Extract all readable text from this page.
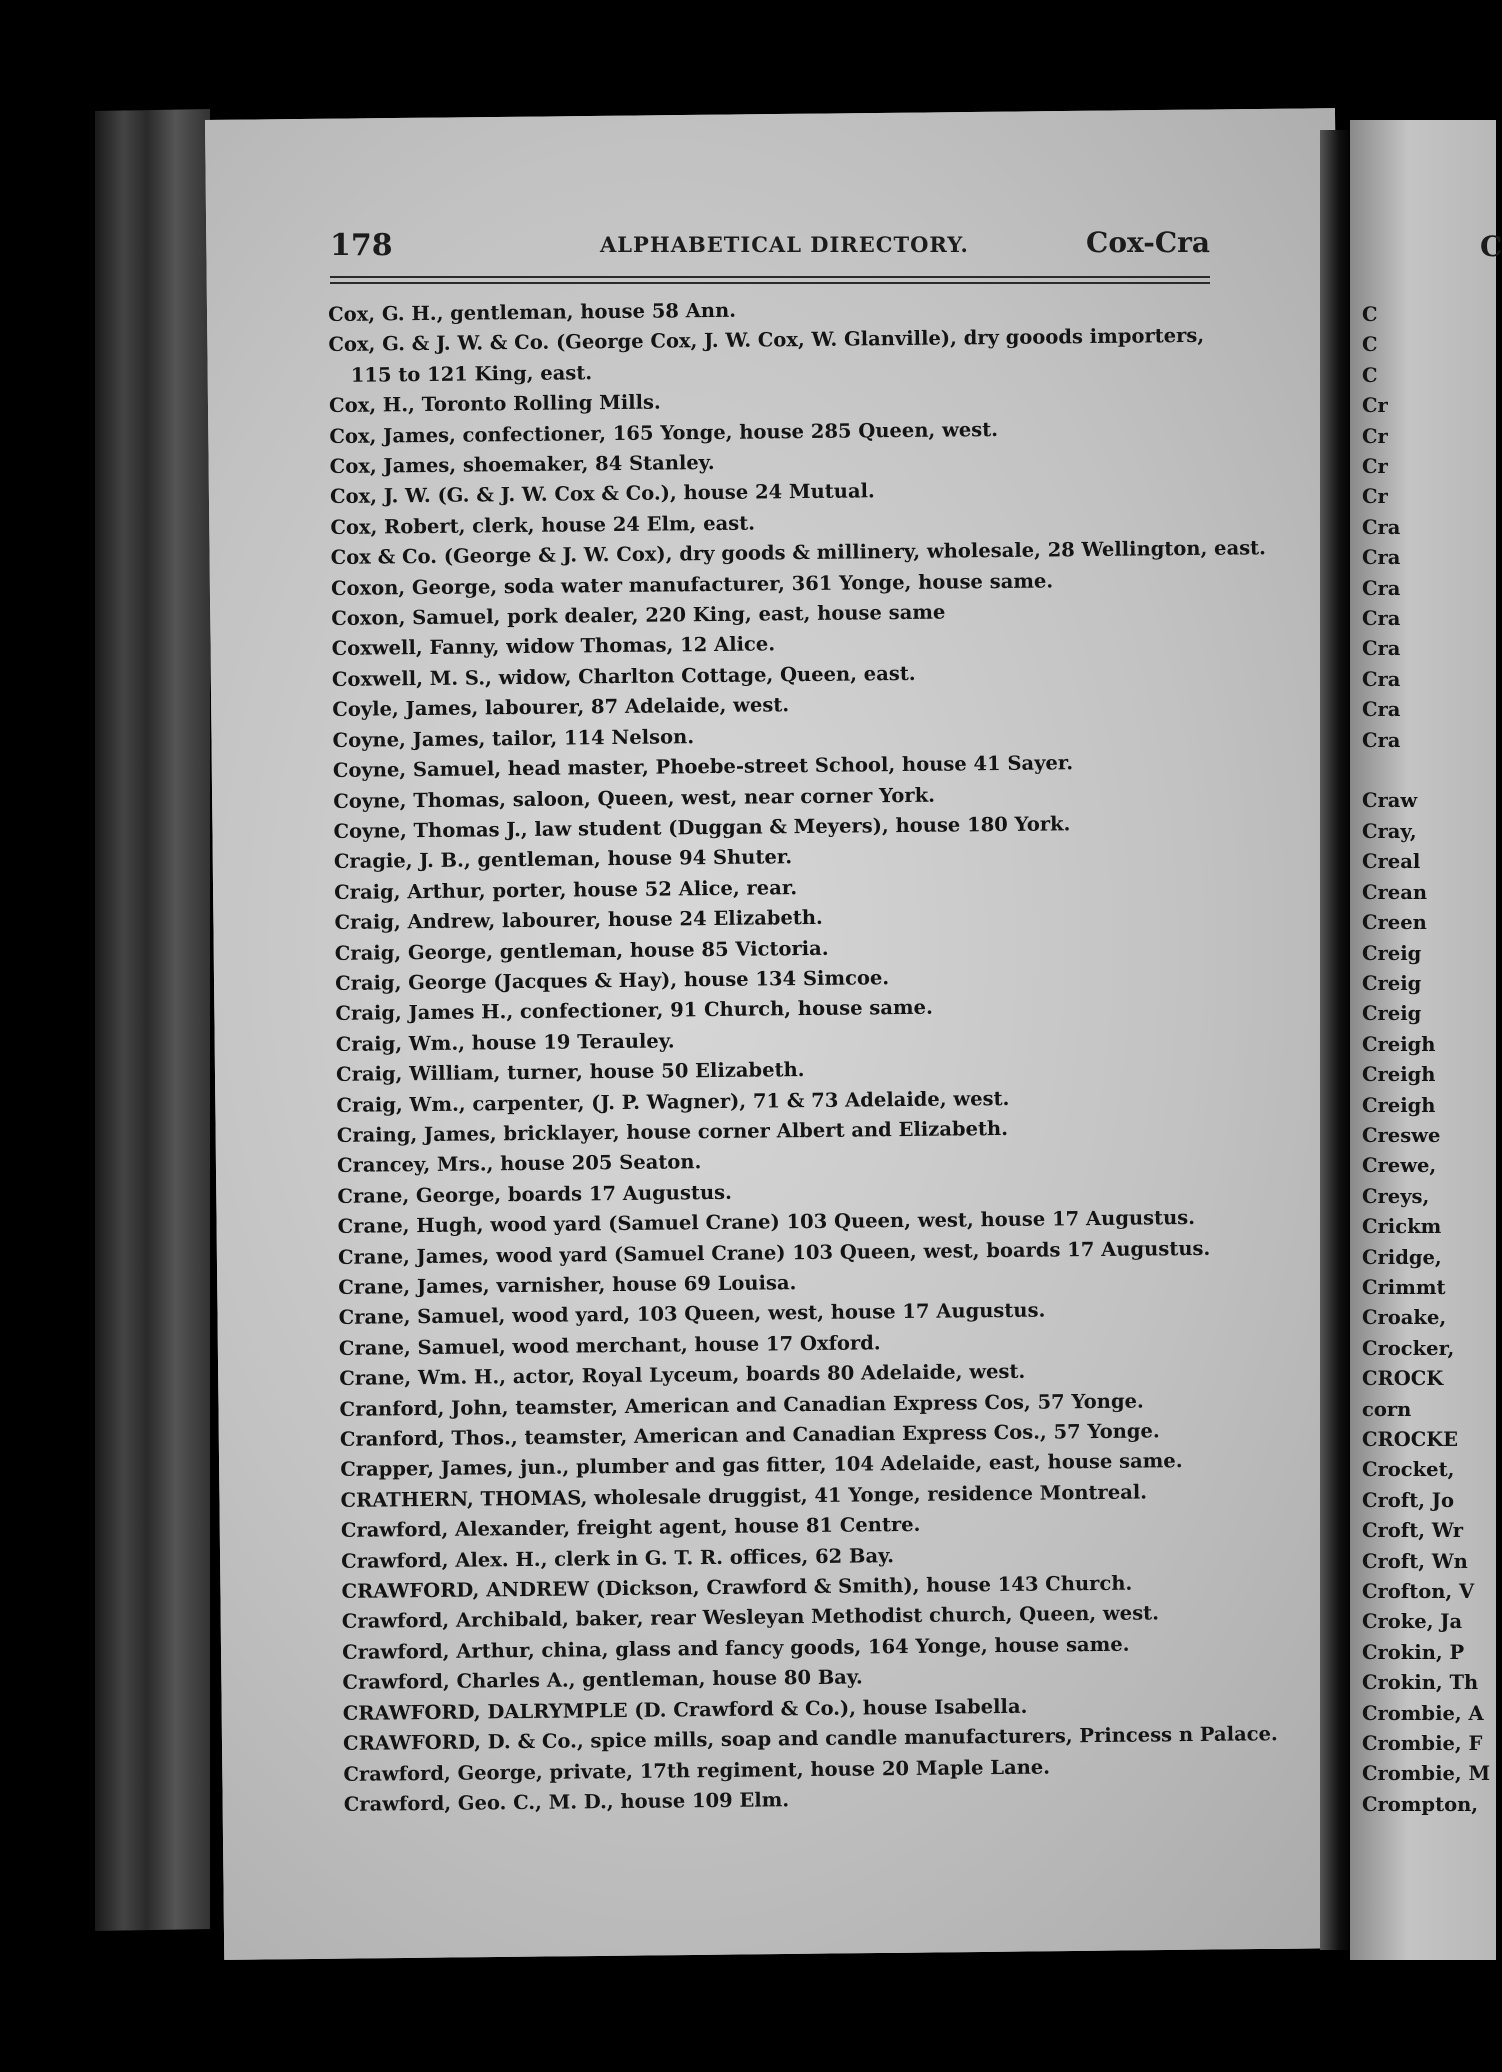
178	ALPHABETICAL DIRECTORY.	Cox-Cra
Cox, G. H., gentleman, house 58 Ann.
Cox, G. & J. W. & Co. (George Cox, J. W. Cox, W. Glanville), dry gooods importers,
115 to 121 King, east.
Cox, H., Toronto Rolling Mills.
Cox, James, confectioner, 165 Yonge, house 285 Queen, west.
Cox, James, shoemaker, 84 Stanley.
Cox, J. W. (G. & J. W. Cox & Co.), house 24 Mutual.
Cox, Robert, clerk, house 24 Elm, east.
Cox & Co. (George & J. W. Cox), dry goods & millinery, wholesale, 28 Wellington, east.
Coxon, George, soda water manufacturer, 361 Yonge, house same.
Coxon, Samuel, pork dealer, 220 King, east, house same
Coxwell, Fanny, widow Thomas, 12 Alice.
Coxwell, M. S., widow, Charlton Cottage, Queen, east.
Coyle, James, labourer, 87 Adelaide, west.
Coyne, James, tailor, 114 Nelson.
Coyne, Samuel, head master, Phoebe-street School, house 41 Sayer.
Coyne, Thomas, saloon, Queen, west, near corner York.
Coyne, Thomas J., law student (Duggan & Meyers), house 180 York.
Cragie, J. B., gentleman, house 94 Shuter.
Craig, Arthur, porter, house 52 Alice, rear.
Craig, Andrew, labourer, house 24 Elizabeth.
Craig, George, gentleman, house 85 Victoria.
Craig, George (Jacques & Hay), house 134 Simcoe.
Craig, James H., confectioner, 91 Church, house same.
Craig, Wm., house 19 Terauley.
Craig, William, turner, house 50 Elizabeth.
Craig, Wm., carpenter, (J. P. Wagner), 71 & 73 Adelaide, west.
Craing, James, bricklayer, house corner Albert and Elizabeth.
Crancey, Mrs., house 205 Seaton.
Crane, George, boards 17 Augustus.
Crane, Hugh, wood yard (Samuel Crane) 103 Queen, west, house 17 Augustus.
Crane, James, wood yard (Samuel Crane) 103 Queen, west, boards 17 Augustus.
Crane, James, varnisher, house 69 Louisa.
Crane, Samuel, wood yard, 103 Queen, west, house 17 Augustus.
Crane, Samuel, wood merchant, house 17 Oxford.
Crane, Wm. H., actor, Royal Lyceum, boards 80 Adelaide, west.
Cranford, John, teamster, American and Canadian Express Cos, 57 Yonge.
Cranford, Thos., teamster, American and Canadian Express Cos., 57 Yonge.
Crapper, James, jun., plumber and gas fitter, 104 Adelaide, east, house same.
CRATHERN, THOMAS, wholesale druggist, 41 Yonge, residence Montreal.
Crawford, Alexander, freight agent, house 81 Centre.
Crawford, Alex. H., clerk in G. T. R. offices, 62 Bay.
CRAWFORD, ANDREW (Dickson, Crawford & Smith), house 143 Church.
Crawford, Archibald, baker, rear Wesleyan Methodist church, Queen, west.
Crawford, Arthur, china, glass and fancy goods, 164 Yonge, house same.
Crawford, Charles A., gentleman, house 80 Bay.
CRAWFORD, DALRYMPLE (D. Crawford & Co.), house Isabella.
CRAWFORD, D. & Co., spice mills, soap and candle manufacturers, Princess n Palace.
Crawford, George, private, 17th regiment, house 20 Maple Lane.
Crawford, Geo. C., M. D., house 109 Elm.
C
C
C
C
Cr
Cr
Cr
Cr
Cra
Cra
Cra
Cra
Cra
Cra
Cra
Cra
Craw
Cray,
Creal
Crean
Creen
Creig
Creig
Creig
Creigh
Creigh
Creigh
Creswe
Crewe,
Creys,
Crickm
Cridge,
Crimmt
Croake,
Crocker,
CROCK
corn
CROCKE
Crocket,
Croft, Jo
Croft, Wr
Croft, Wn
Crofton, V
Croke, Ja
Crokin, P
Crokin, Th
Crombie, A
Crombie, F
Crombie, M
Crompton,
